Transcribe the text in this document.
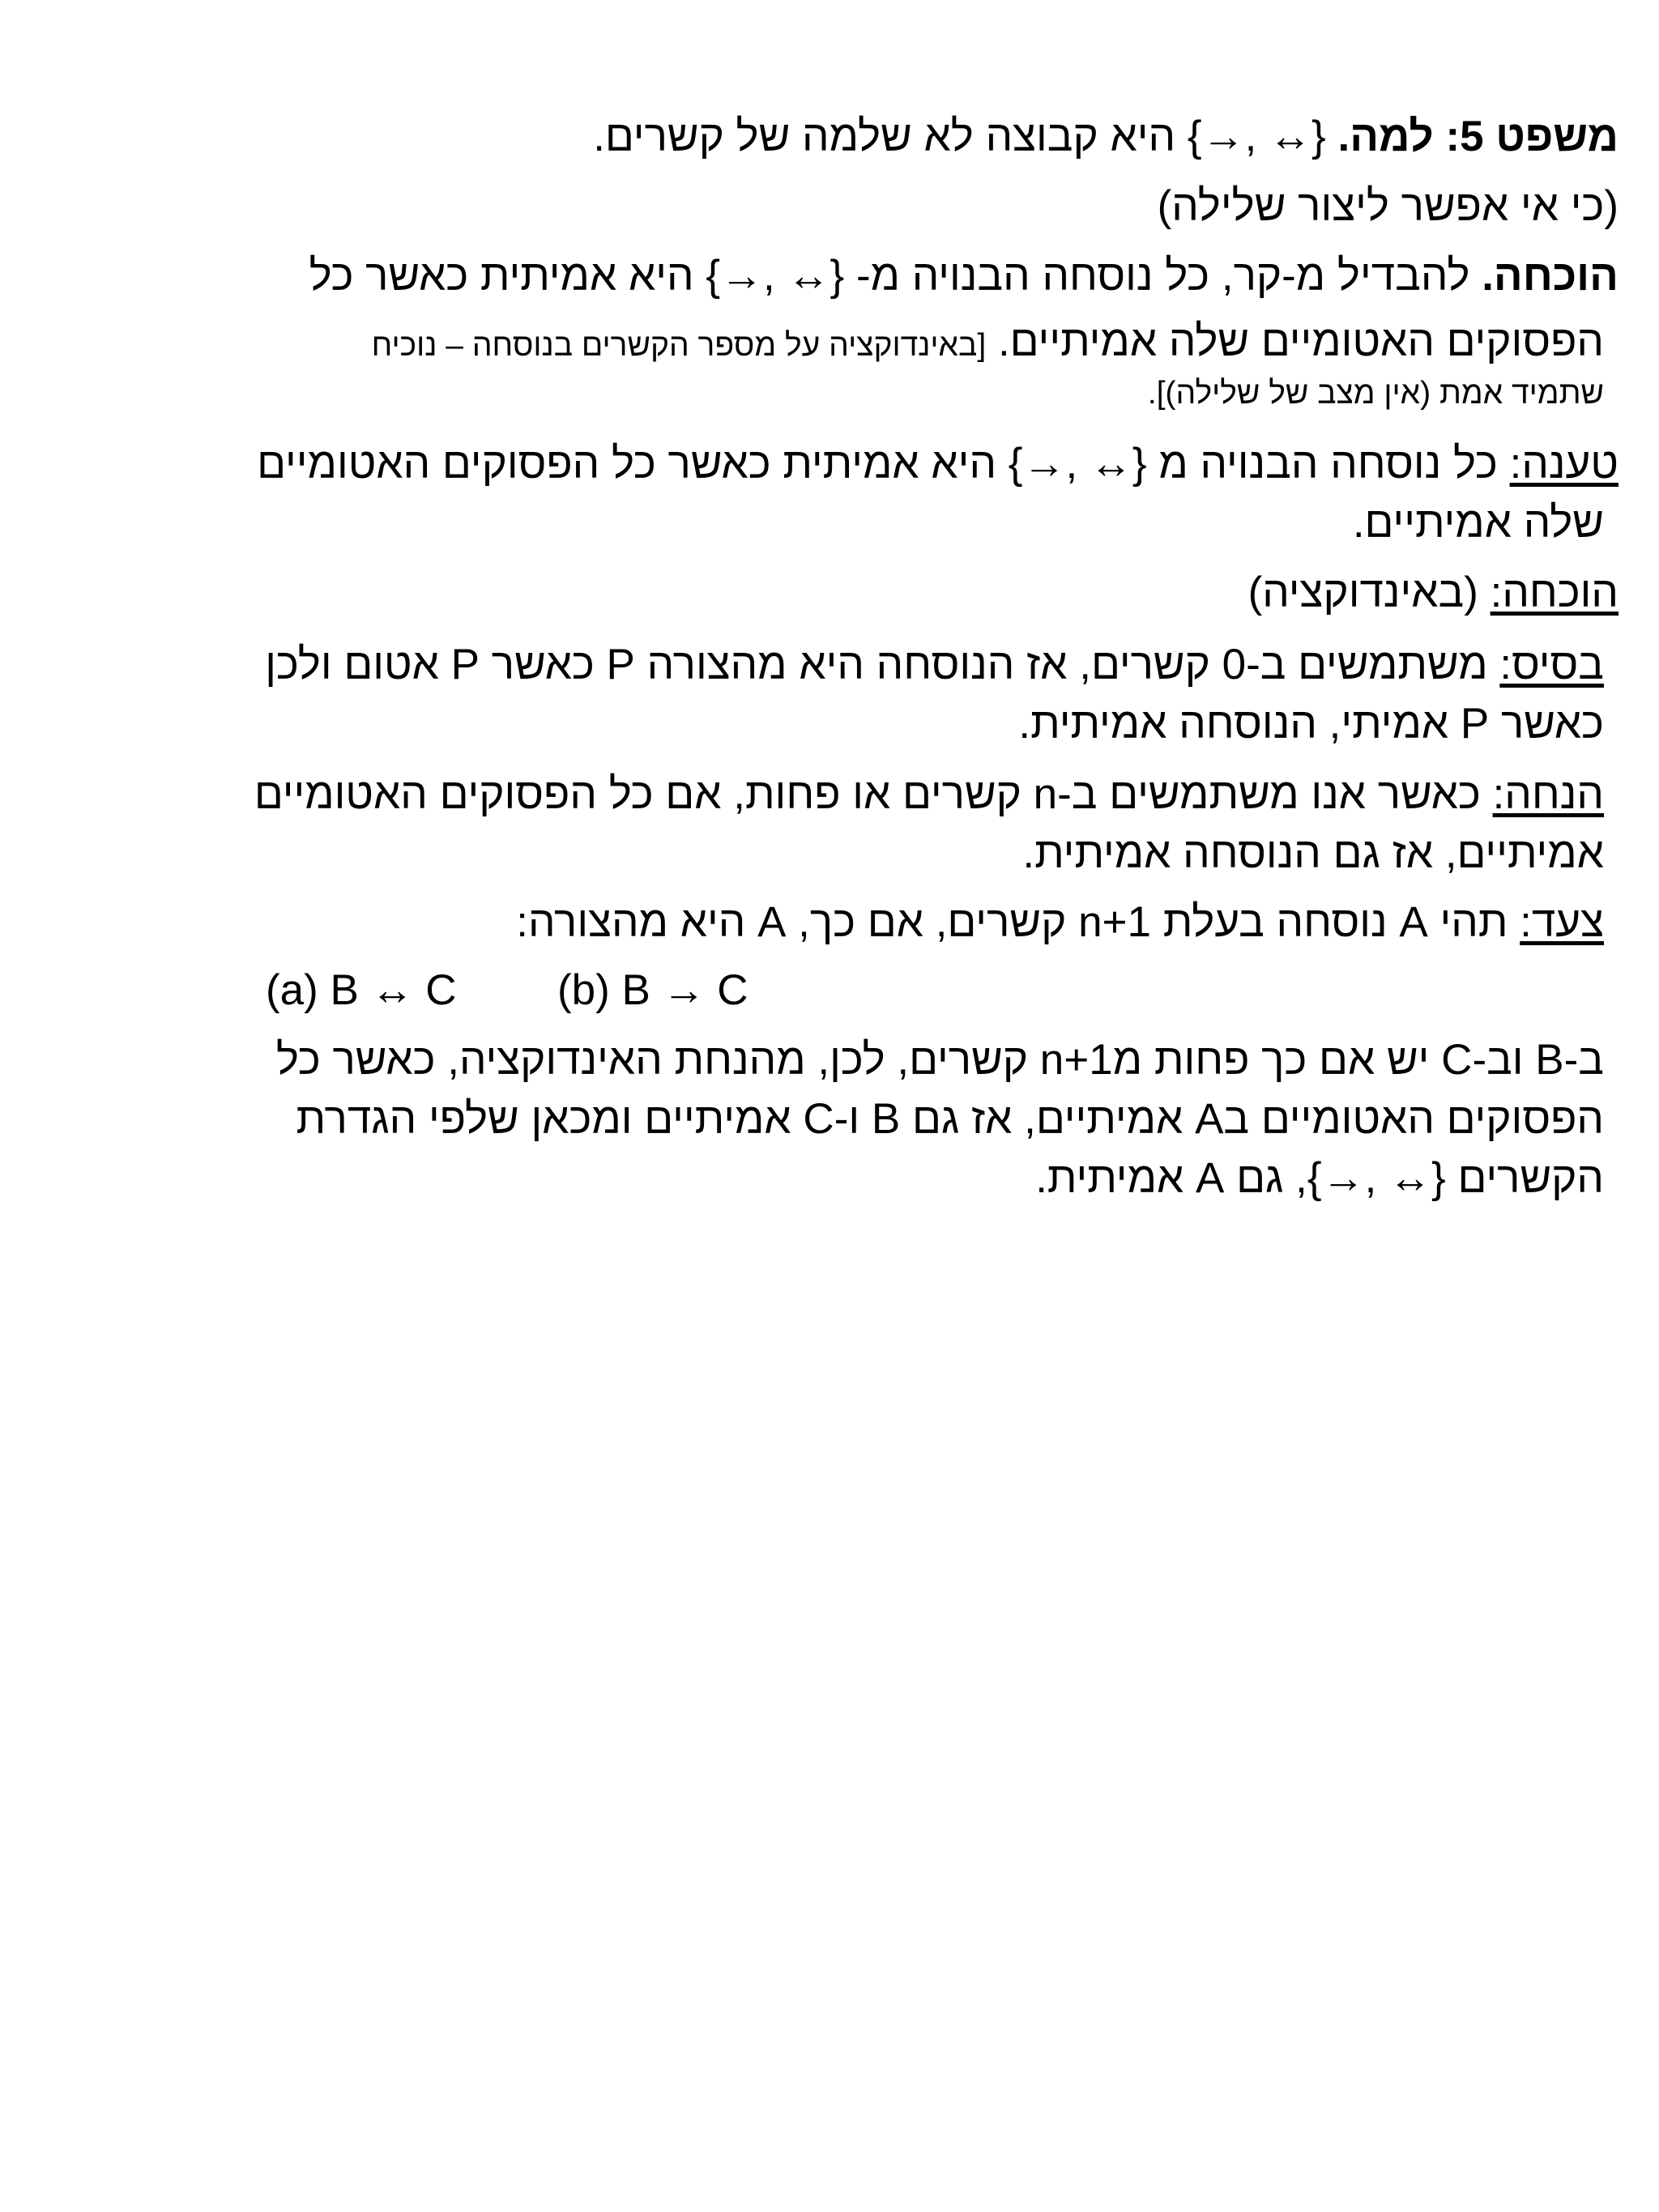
משפט 5: למה. {→, ↔} היא קבוצה לא שלמה של קשרים.
(כי אי אפשר ליצור שלילה)
הוכחה. להבדיל מ-קר, כל נוסחה הבנויה מ- {→, ↔} היא אמיתית כאשר כל
הפסוקים האטומיים שלה אמיתיים. [באינדוקציה על מספר הקשרים בנוסחה – נוכיח
שתמיד אמת (אין מצב של שלילה)].
טענה: כל נוסחה הבנויה מ {→, ↔} היא אמיתית כאשר כל הפסוקים האטומיים
שלה אמיתיים.
הוכחה: (באינדוקציה)
בסיס: משתמשים ב-0 קשרים, אז הנוסחה היא מהצורה P כאשר P אטום ולכן
כאשר P אמיתי, הנוסחה אמיתית.
הנחה: כאשר אנו משתמשים ב-n קשרים או פחות, אם כל הפסוקים האטומיים
אמיתיים, אז גם הנוסחה אמיתית.
צעד: תהי A נוסחה בעלת n+1 קשרים, אם כך, A היא מהצורה:
(a) B ↔ C (b) B → C
ב-B וב-C יש אם כך פחות מn+1 קשרים, לכן, מהנחת האינדוקציה, כאשר כל
הפסוקים האטומיים בA אמיתיים, אז גם B ו-C אמיתיים ומכאן שלפי הגדרת
הקשרים {→, ↔}, גם A אמיתית.
